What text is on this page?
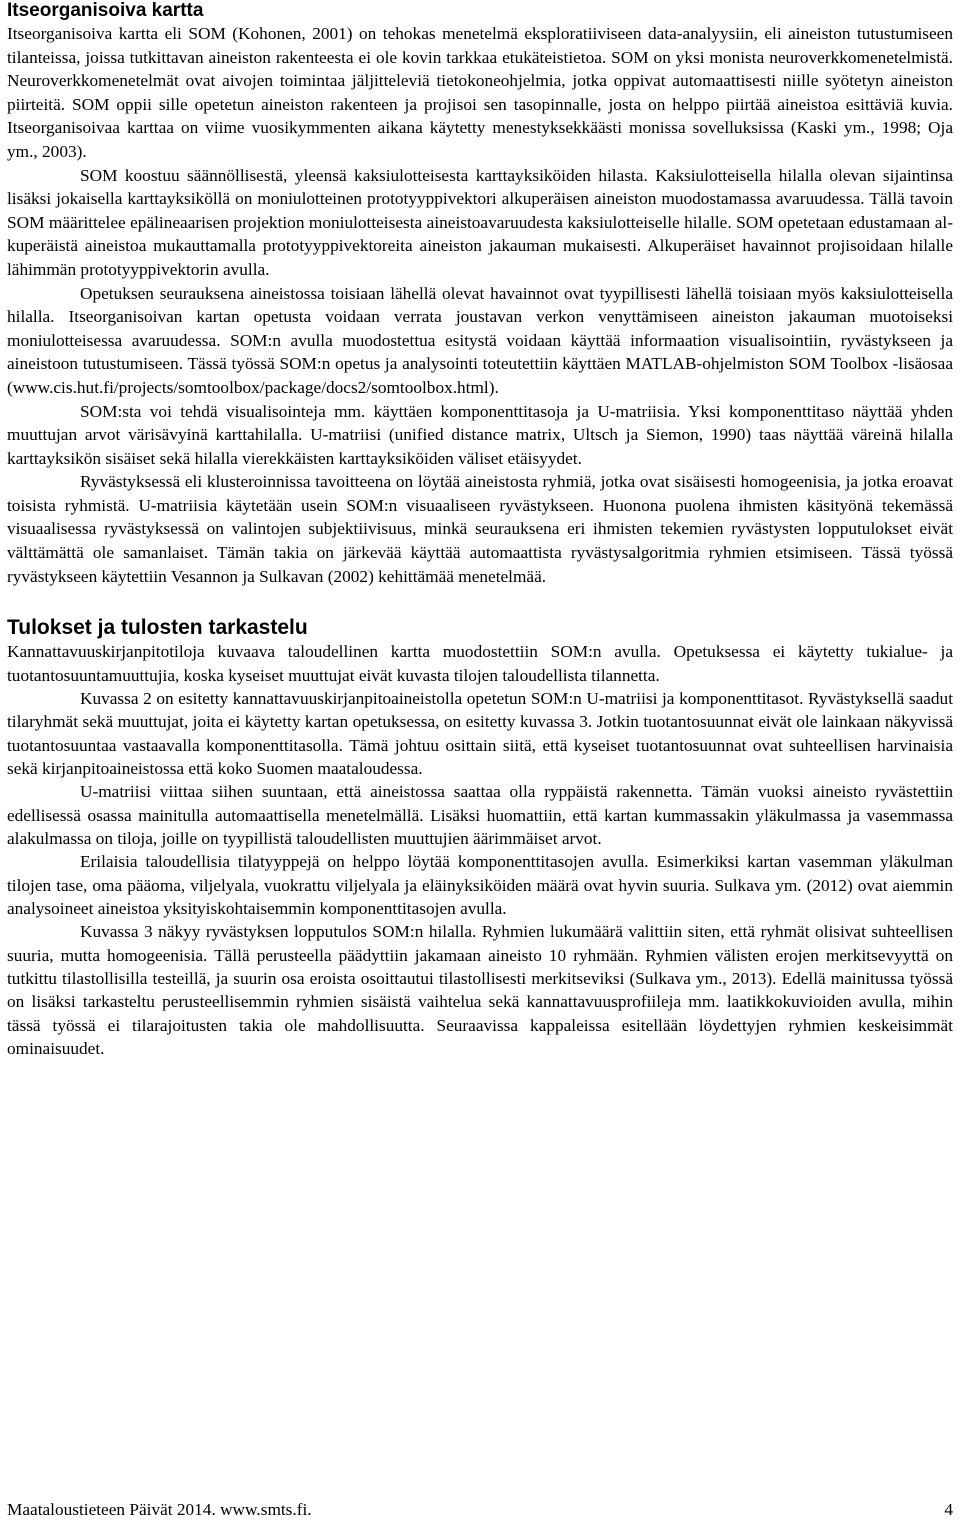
Itseorganisoiva kartta

Itseorganisoiva kartta eli SOM (Kohonen, 2001) on tehokas menetelmä eksploratiiviseen data-analyysiin, eli aineiston tutustumiseen tilanteissa, joissa tutkittavan aineiston rakenteesta ei ole kovin tarkkaa etukäteistietoa. SOM on yksi monista neuroverkkomenetelmistä. Neuroverkkomenetelmät ovat aivojen toimintaa jäljitteleviä tietokoneohjelmia, jotka oppivat automaattisesti niille syötetyn aineiston piirteitä. SOM oppii sille opetetun aineiston rakenteen ja projisoi sen tasopinnalle, josta on helppo piirtää aineistoa esittäviä kuvia. Itseorganisoivaa karttaa on viime vuosikymmenten aikana käytetty menestyksekkäästi monissa sovelluksissa (Kaski ym., 1998; Oja ym., 2003).

SOM koostuu säännöllisestä, yleensä kaksiulotteisesta karttayksiköiden hilasta. Kaksiulotteisella hilalla olevan sijaintinsa lisäksi jokaisella karttayksiköllä on moniulotteinen prototyyppivektori alkuperäisen aineiston muodostamassa avaruudessa. Tällä tavoin SOM määrittelee epälineaarisen projektion moniulotteisesta aineistoavaruudesta kaksiulotteiselle hilalle. SOM opetetaan edustamaan alkuperäistä aineistoa mukauttamalla prototyyppivektoreita aineiston jakauman mukaisesti. Alkuperäiset havainnot projisoidaan hilalle lähimmän prototyyppivektorin avulla.

Opetuksen seurauksena aineistossa toisiaan lähellä olevat havainnot ovat tyypillisesti lähellä toisiaan myös kaksiulotteisella hilalla. Itseorganisoivan kartan opetusta voidaan verrata joustavan verkon venyttämiseen aineiston jakauman muotoiseksi moniulotteisessa avaruudessa. SOM:n avulla muodostettua esitystä voidaan käyttää informaation visualisointiin, ryvästykseen ja aineistoon tutustumiseen. Tässä työssä SOM:n opetus ja analysointi toteutettiin käyttäen MATLAB-ohjelmiston SOM Toolbox -lisäosaa (www.cis.hut.fi/projects/somtoolbox/package/docs2/somtoolbox.html).

SOM:sta voi tehdä visualisointeja mm. käyttäen komponenttitasoja ja U-matriisia. Yksi komponenttitaso näyttää yhden muuttujan arvot värisävyinä karttahilalla. U-matriisi (unified distance matrix, Ultsch ja Siemon, 1990) taas näyttää väreinä hilalla karttayksikön sisäiset sekä hilalla vierekkäisten karttayksiköiden väliset etäisyydet.

Ryvästyksessä eli klusteroinnissa tavoitteena on löytää aineistosta ryhmiä, jotka ovat sisäisesti homogeenisia, ja jotka eroavat toisista ryhmistä. U-matriisia käytetään usein SOM:n visuaaliseen ryvästykseen. Huonona puolena ihmisten käsityönä tekemässä visuaalisessa ryvästyksessä on valintojen subjektiivisuus, minkä seurauksena eri ihmisten tekemien ryvästysten lopputulokset eivät välttämättä ole samanlaiset. Tämän takia on järkevää käyttää automaattista ryvästysalgoritmia ryhmien etsimiseen. Tässä työssä ryvästykseen käytettiin Vesannon ja Sulkavan (2002) kehittämää menetelmää.

Tulokset ja tulosten tarkastelu

Kannattavuuskirjanpitotiloja kuvaava taloudellinen kartta muodostettiin SOM:n avulla. Opetuksessa ei käytetty tukialue- ja tuotantosuuntamuuttujia, koska kyseiset muuttujat eivät kuvasta tilojen taloudellista tilannetta.

Kuvassa 2 on esitetty kannattavuuskirjanpitoaineistolla opetetun SOM:n U-matriisi ja komponenttitasot. Ryvästyksellä saadut tilaryhmät sekä muuttujat, joita ei käytetty kartan opetuksessa, on esitetty kuvassa 3. Jotkin tuotantosuunnat eivät ole lainkaan näkyvissä tuotantosuuntaa vastaavalla komponenttitasolla. Tämä johtuu osittain siitä, että kyseiset tuotantosuunnat ovat suhteellisen harvinaisia sekä kirjanpitoaineistossa että koko Suomen maataloudessa.

U-matriisi viittaa siihen suuntaan, että aineistossa saattaa olla ryppäistä rakennetta. Tämän vuoksi aineisto ryvästettiin edellisessä osassa mainitulla automaattisella menetelmällä. Lisäksi huomattiin, että kartan kummassakin yläkulmassa ja vasemmassa alakulmassa on tiloja, joille on tyypillistä taloudellisten muuttujien äärimmäiset arvot.

Erilaisia taloudellisia tilatyyppejä on helppo löytää komponenttitasojen avulla. Esimerkiksi kartan vasemman yläkulman tilojen tase, oma pääoma, viljelyala, vuokrattu viljelyala ja eläinyksiköiden määrä ovat hyvin suuria. Sulkava ym. (2012) ovat aiemmin analysoineet aineistoa yksityiskohtaisemmin komponenttitasojen avulla.

Kuvassa 3 näkyy ryvästyksen lopputulos SOM:n hilalla. Ryhmien lukumäärä valittiin siten, että ryhmät olisivat suhteellisen suuria, mutta homogeenisia. Tällä perusteella päädyttiin jakamaan aineisto 10 ryhmään. Ryhmien välisten erojen merkitsevyyttä on tutkittu tilastollisilla testeillä, ja suurin osa eroista osoittautui tilastollisesti merkitseviksi (Sulkava ym., 2013). Edellä mainitussa työssä on lisäksi tarkasteltu perusteellisemmin ryhmien sisäistä vaihtelua sekä kannattavuusprofiileja mm. laatikkokuvioiden avulla, mihin tässä työssä ei tilarajoitusten takia ole mahdollisuutta. Seuraavissa kappaleissa esitellään löydettyjen ryhmien keskeisimmät ominaisuudet.

Maataloustieteen Päivät 2014. www.smts.fi.	4
